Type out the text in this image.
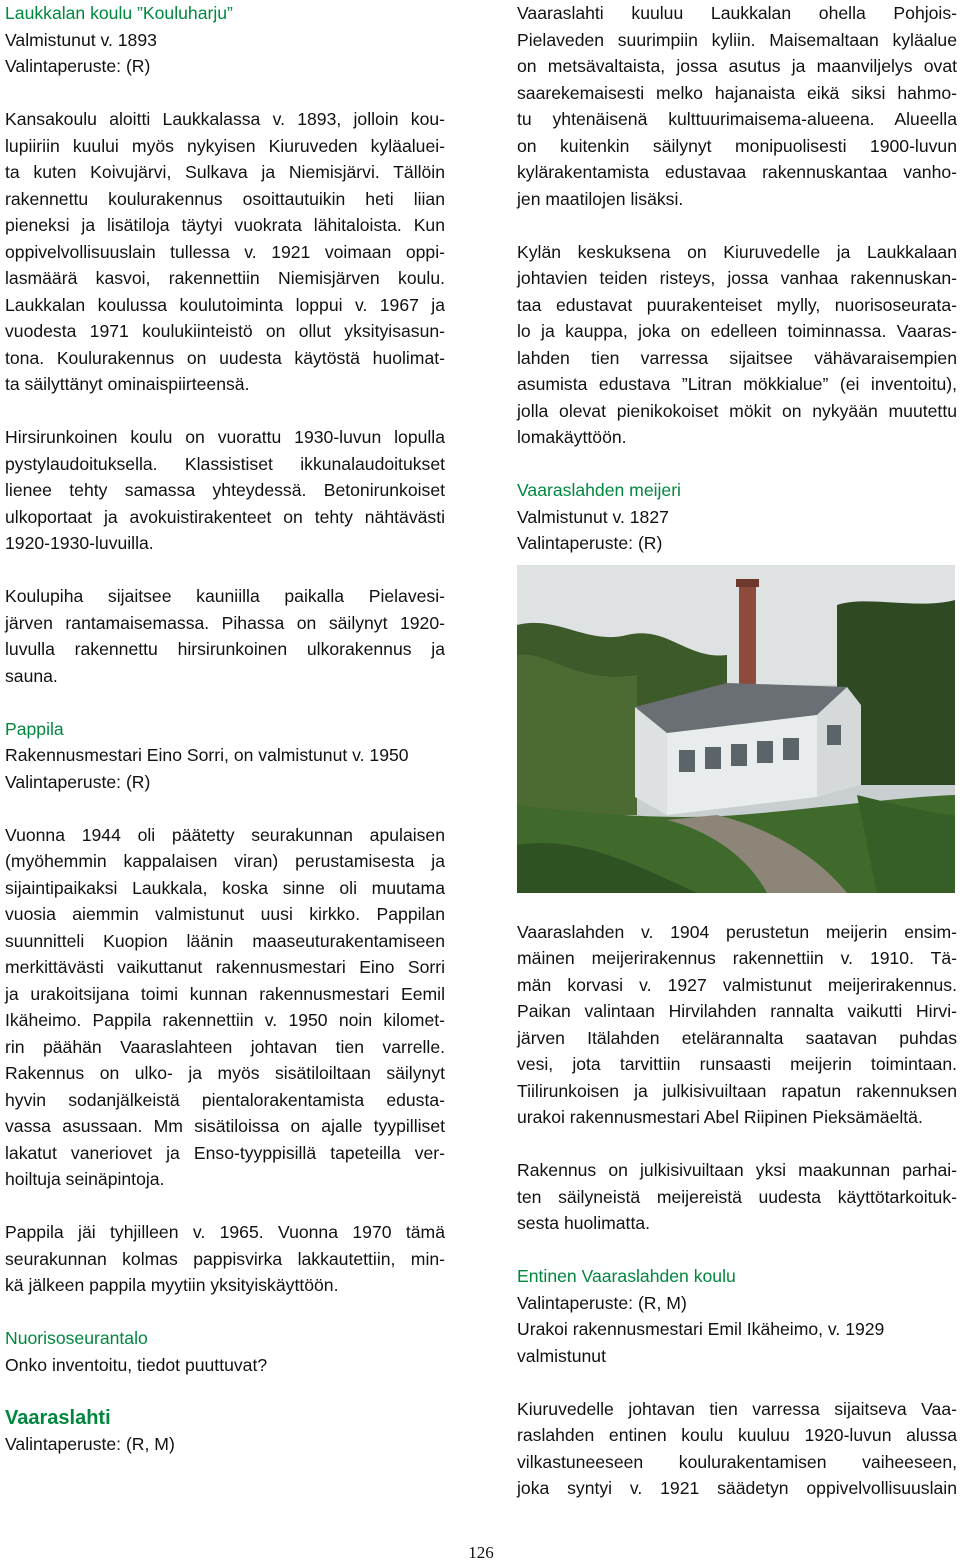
Laukkalan koulu ”Kouluharju”
Valmistunut v. 1893
Valintaperuste: (R)
Kansakoulu aloitti Laukkalassa v. 1893, jolloin kou-
lupiiriin kuului myös nykyisen Kiuruveden kyläaluei-
ta kuten Koivujärvi, Sulkava ja Niemisjärvi. Tällöin
rakennettu koulurakennus osoittautuikin heti liian
pieneksi ja lisätiloja täytyi vuokrata lähitaloista. Kun
oppivelvollisuuslain tullessa v. 1921 voimaan oppi-
lasmäärä kasvoi, rakennettiin Niemisjärven koulu.
Laukkalan koulussa koulutoiminta loppui v. 1967 ja
vuodesta 1971 koulukiinteistö on ollut yksityisasun-
tona. Koulurakennus on uudesta käytöstä huolimat-
ta säilyttänyt ominaispiirteensä.
Hirsirunkoinen koulu on vuorattu 1930-luvun lopulla
pystylaudoituksella. Klassistiset ikkunalaudoitukset
lienee tehty samassa yhteydessä. Betonirunkoiset
ulkoportaat ja avokuistirakenteet on tehty nähtävästi
1920-1930-luvuilla.
Koulupiha sijaitsee kauniilla paikalla Pielavesi-
järven rantamaisemassa. Pihassa on säilynyt 1920-
luvulla rakennettu hirsirunkoinen ulkorakennus ja
sauna.
Pappila
Rakennusmestari Eino Sorri, on valmistunut v. 1950
Valintaperuste: (R)
Vuonna 1944 oli päätetty seurakunnan apulaisen
(myöhemmin kappalaisen viran) perustamisesta ja
sijaintipaikaksi Laukkala, koska sinne oli muutama
vuosia aiemmin valmistunut uusi kirkko. Pappilan
suunnitteli Kuopion läänin maaseuturakentamiseen
merkittävästi vaikuttanut rakennusmestari Eino Sorri
ja urakoitsijana toimi kunnan rakennusmestari Eemil
Ikäheimo. Pappila rakennettiin v. 1950 noin kilomet-
rin päähän Vaaraslahteen johtavan tien varrelle.
Rakennus on ulko- ja myös sisätiloiltaan säilynyt
hyvin sodanjälkeistä pientalorakentamista edusta-
vassa asussaan. Mm sisätiloissa on ajalle tyypilliset
lakatut vaneriovet ja Enso-tyyppisillä tapeteilla ver-
hoiltuja seinäpintoja.
Pappila jäi tyhjilleen v. 1965. Vuonna 1970 tämä
seurakunnan kolmas pappisvirka lakkautettiin, min-
kä jälkeen pappila myytiin yksityiskäyttöön.
Nuorisoseurantalo
Onko inventoitu, tiedot puuttuvat?
Vaaraslahti
Valintaperuste: (R, M)
Vaaraslahti kuuluu Laukkalan ohella Pohjois-
Pielaveden suurimpiin kyliin. Maisemaltaan kyläalue
on metsävaltaista, jossa asutus ja maanviljelys ovat
saarekemaisesti melko hajanaista eikä siksi hahmo-
tu yhtenäisenä kulttuurimaisema-alueena. Alueella
on kuitenkin säilynyt monipuolisesti 1900-luvun
kylärakentamista edustavaa rakennuskantaa vanho-
jen maatilojen lisäksi.
Kylän keskuksena on Kiuruvedelle ja Laukkalaan
johtavien teiden risteys, jossa vanhaa rakennuskan-
taa edustavat puurakenteiset mylly, nuorisoseurata-
lo ja kauppa, joka on edelleen toiminnassa. Vaaras-
lahden tien varressa sijaitsee vähävaraisempien
asumista edustava ”Litran mökkialue” (ei inventoitu),
jolla olevat pienikokoiset mökit on nykyään muutettu
lomakäyttöön.
Vaaraslahden meijeri
Valmistunut v. 1827
Valintaperuste: (R)
Vaaraslahden v. 1904 perustetun meijerin ensim-
mäinen meijerirakennus rakennettiin v. 1910. Tä-
män korvasi v. 1927 valmistunut meijerirakennus.
Paikan valintaan Hirvilahden rannalta vaikutti Hirvi-
järven Itälahden etelärannalta saatavan puhdas
vesi, jota tarvittiin runsaasti meijerin toimintaan.
Tiilirunkoisen ja julkisivuiltaan rapatun rakennuksen
urakoi rakennusmestari Abel Riipinen Pieksämäeltä.
Rakennus on julkisivuiltaan yksi maakunnan parhai-
ten säilyneistä meijereistä uudesta käyttötarkoituk-
sesta huolimatta.
Entinen Vaaraslahden koulu
Valintaperuste: (R, M)
Urakoi rakennusmestari Emil Ikäheimo, v. 1929
valmistunut
Kiuruvedelle johtavan tien varressa sijaitseva Vaa-
raslahden entinen koulu kuuluu 1920-luvun alussa
vilkastuneeseen koulurakentamisen vaiheeseen,
joka syntyi v. 1921 säädetyn oppivelvollisuuslain
126
